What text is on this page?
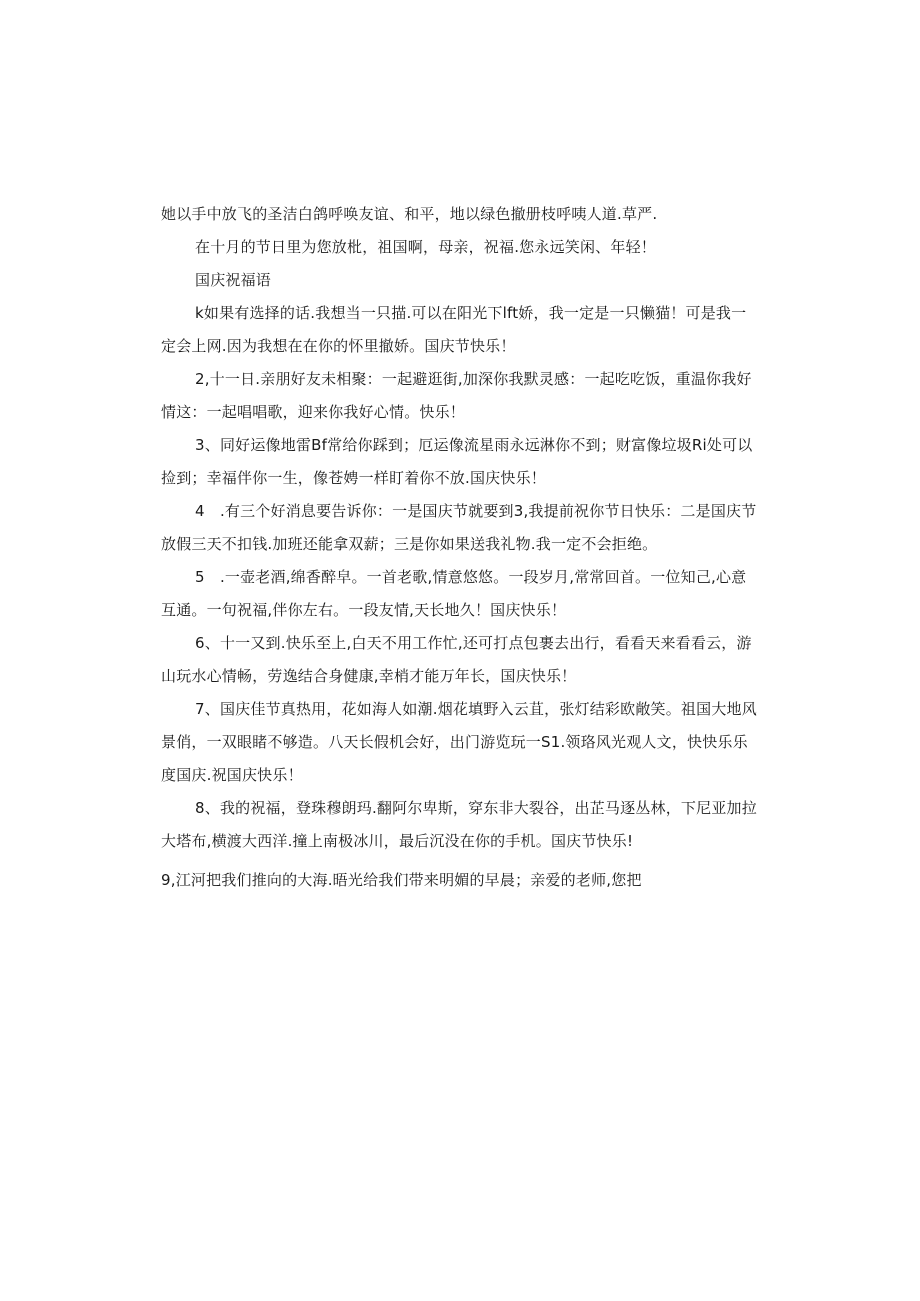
她以手中放飞的圣洁白鸽呼唤友谊、和平，地以绿色撤册枝呼咦人道.草严.

在十月的节日里为您放枇，祖国啊，母亲，祝福.您永远笑闲、年轻！

国庆祝福语

k如果有选择的话.我想当一只描.可以在阳光下lft娇，我一定是一只懒猫！可是我一定会上网.因为我想在在你的怀里撤娇。国庆节快乐！

2,十一日.亲朋好友未相聚：一起避逛街,加深你我默灵感：一起吃吃饭，重温你我好情这：一起唱唱歌，迎来你我好心情。快乐！

3、同好运像地雷Bf常给你踩到；厄运像流星雨永远淋你不到；财富像垃圾Ri处可以捡到；幸福伴你一生，像苍娉一样盯着你不放.国庆快乐！

4　.有三个好消息要告诉你：一是国庆节就要到3,我提前祝你节日快乐：二是国庆节放假三天不扣钱.加班还能拿双薪；三是你如果送我礼物.我一定不会拒绝。

5　.一壶老酒,绵香醉皁。一首老歌,情意悠悠。一段岁月,常常回首。一位知己,心意互通。一句祝福,伴你左右。一段友情,天长地久！国庆快乐！

6、十一又到.快乐至上,白天不用工作忙,还可打点包裹去出行，看看天来看看云，游山玩水心情畅，劳逸结合身健康,幸梢才能万年长，国庆快乐！

7、国庆佳节真热用，花如海人如潮.烟花填野入云苴，张灯结彩欧敞笑。祖国大地风景俏，一双眼睹不够造。八天长假机会好，出门游览玩一S1.领珞风光观人文，快快乐乐度国庆.祝国庆快乐！

8、我的祝福，登珠穆朗玛.翻阿尔卑斯，穿东非大裂谷，出芷马逐丛林，下尼亚加拉大塔布,横渡大西洋.撞上南极冰川，最后沉没在你的手机。国庆节快乐!

9,江河把我们推向的大海.晤光给我们带来明媚的早晨；亲爱的老师,您把
